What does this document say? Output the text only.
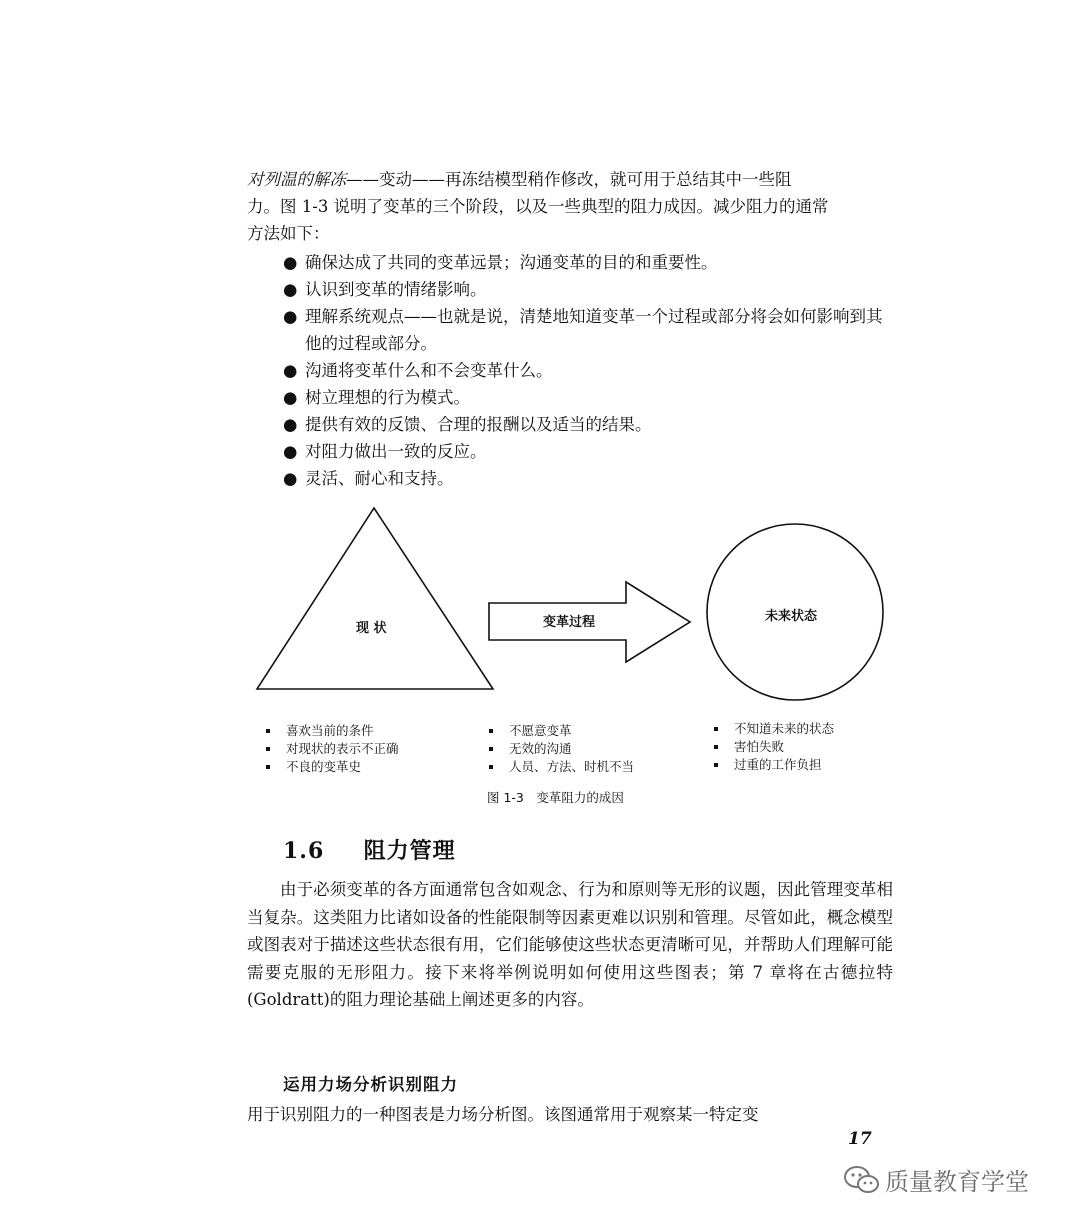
对列温的解冻——变动——再冻结模型稍作修改，就可用于总结其中一些阻
力。图 1-3 说明了变革的三个阶段，以及一些典型的阻力成因。减少阻力的通常
方法如下：
● 确保达成了共同的变革远景；沟通变革的目的和重要性。
● 认识到变革的情绪影响。
● 理解系统观点——也就是说，清楚地知道变革一个过程或部分将会如何影响到其他的过程或部分。
● 沟通将变革什么和不会变革什么。
● 树立理想的行为模式。
● 提供有效的反馈、合理的报酬以及适当的结果。
● 对阻力做出一致的反应。
● 灵活、耐心和支持。
现 状	变革过程	未来状态
喜欢当前的条件
对现状的表示不正确
不良的变革史
不愿意变革
无效的沟通
人员、方法、时机不当
不知道未来的状态
害怕失败
过重的工作负担
图 1-3　变革阻力的成因
1.6 阻力管理
由于必须变革的各方面通常包含如观念、行为和原则等无形的议题，因此管理变革相当复杂。这类阻力比诸如设备的性能限制等因素更难以识别和管理。尽管如此，概念模型或图表对于描述这些状态很有用，它们能够使这些状态更清晰可见，并帮助人们理解可能需要克服的无形阻力。接下来将举例说明如何使用这些图表；第 7 章将在古德拉特(Goldratt)的阻力理论基础上阐述更多的内容。
运用力场分析识别阻力
用于识别阻力的一种图表是力场分析图。该图通常用于观察某一特定变
17
质量教育学堂
